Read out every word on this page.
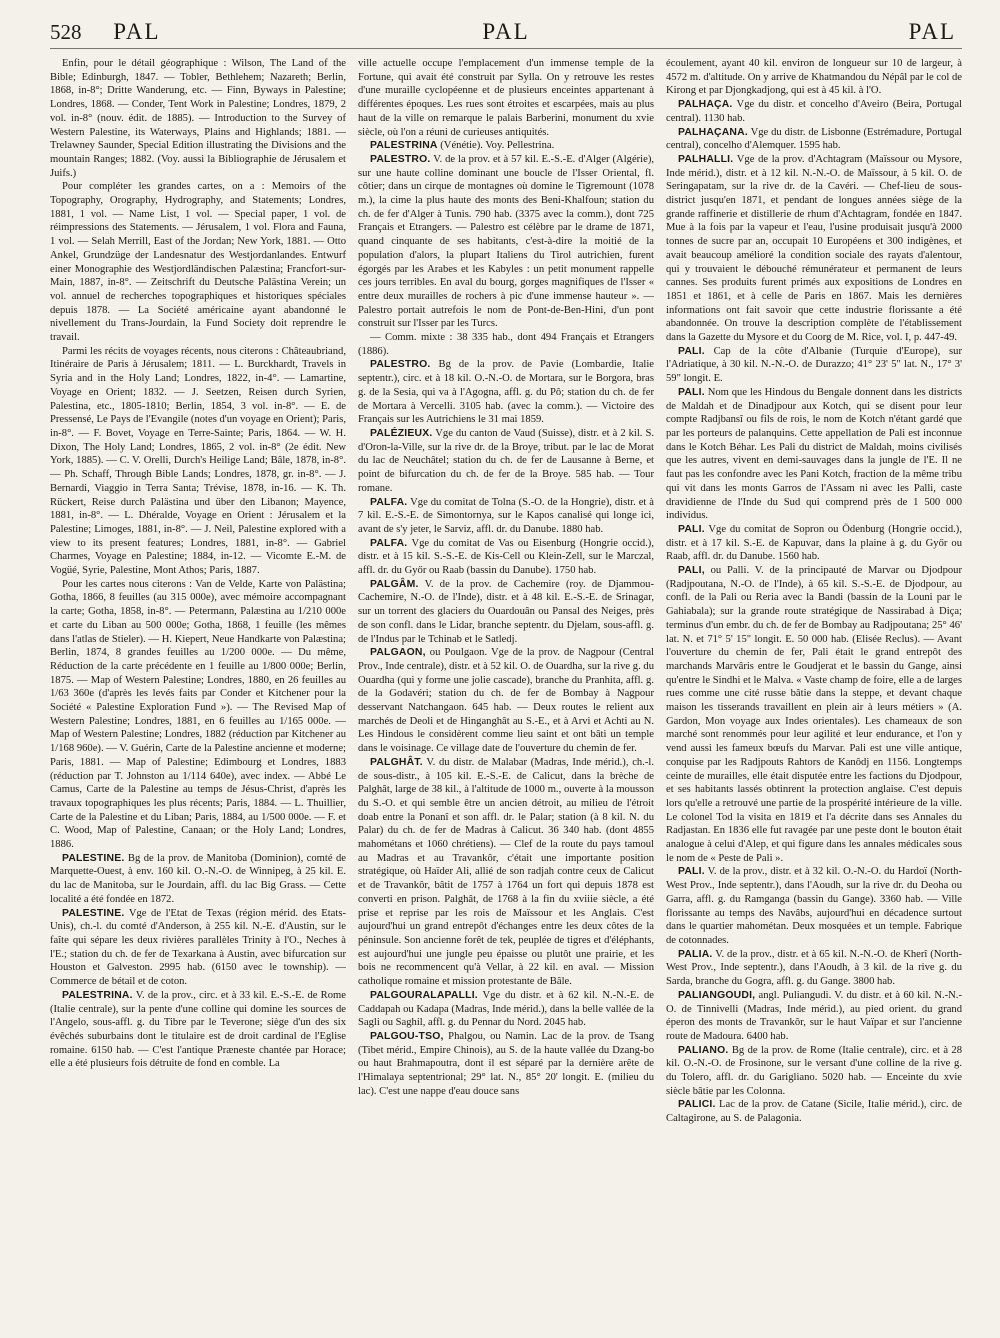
528 PAL	PAL	PAL

Enfin, pour le détail géographique : Wilson, The Land of the Bible; Edinburgh, 1847. — Tobler, Bethlehem; Nazareth; Berlin, 1868, in-8°; Dritte Wanderung, etc. — Finn, Byways in Palestine; Londres, 1868. — Conder, Tent Work in Palestine; Londres, 1879, 2 vol. in-8° (nouv. édit. de 1885). — Introduction to the Survey of Western Palestine, its Waterways, Plains and Highlands; 1881. — Trelawney Saunder, Special Edition illustrating the Divisions and the mountain Ranges; 1882. (Voy. aussi la Bibliographie de Jérusalem et Juifs.)

Pour compléter les grandes cartes, on a : Memoirs of the Topography, Orography, Hydrography, and Statements; Londres, 1881, 1 vol. — Name List, 1 vol. — Special paper, 1 vol. de réimpressions des Statements. — Jérusalem, 1 vol. Flora and Fauna, 1 vol. — Selah Merrill, East of the Jordan; New York, 1881. — Otto Ankel, Grundzüge der Landesnatur des Westjordanlandes. Entwurf einer Monographie des Westjordländischen Palæstina; Francfort-sur-Main, 1887, in-8°. — Zeitschrift du Deutsche Palästina Verein; un vol. annuel de recherches topographiques et historiques spéciales depuis 1878. — La Société américaine ayant abandonné le nivellement du Trans-Jourdain, la Fund Society doit reprendre le travail.

Parmi les récits de voyages récents, nous citerons : Châteaubriand, Itinéraire de Paris à Jérusalem; 1811. — L. Burckhardt, Travels in Syria and in the Holy Land; Londres, 1822, in-4°. — Lamartine, Voyage en Orient; 1832. — J. Seetzen, Reisen durch Syrien, Palestina, etc., 1805-1810; Berlin, 1854, 3 vol. in-8°. — E. de Pressensé, Le Pays de l'Evangile (notes d'un voyage en Orient); Paris, in-8°. — F. Bovet, Voyage en Terre-Sainte; Paris, 1864. — W. H. Dixon, The Holy Land; Londres, 1865, 2 vol. in-8° (2e édit. New York, 1885). — C. V. Orelli, Durch's Heilige Land; Bâle, 1878, in-8°. — Ph. Schaff, Through Bible Lands; Londres, 1878, gr. in-8°. — J. Bernardi, Viaggio in Terra Santa; Trévise, 1878, in-16. — K. Th. Rückert, Reise durch Palästina und über den Libanon; Mayence, 1881, in-8°. — L. Dhéralde, Voyage en Orient : Jérusalem et la Palestine; Limoges, 1881, in-8°. — J. Neil, Palestine explored with a view to its present features; Londres, 1881, in-8°. — Gabriel Charmes, Voyage en Palestine; 1884, in-12. — Vicomte E.-M. de Vogüé, Syrie, Palestine, Mont Athos; Paris, 1887.

Pour les cartes nous citerons : Van de Velde, Karte von Palästina; Gotha, 1866, 8 feuilles (au 315 000e), avec mémoire accompagnant la carte; Gotha, 1858, in-8°. — Petermann, Palæstina au 1/210 000e et carte du Liban au 500 000e; Gotha, 1868, 1 feuille (les mêmes dans l'atlas de Stieler). — H. Kiepert, Neue Handkarte von Palæstina; Berlin, 1874, 8 grandes feuilles au 1/200 000e. — Du même, Réduction de la carte précédente en 1 feuille au 1/800 000e; Berlin, 1875. — Map of Western Palestine; Londres, 1880, en 26 feuilles au 1/63 360e (d'après les levés faits par Conder et Kitchener pour la Société « Palestine Exploration Fund »). — The Revised Map of Western Palestine; Londres, 1881, en 6 feuilles au 1/165 000e. — Map of Western Palestine; Londres, 1882 (réduction par Kitchener au 1/168 960e). — V. Guérin, Carte de la Palestine ancienne et moderne; Paris, 1881. — Map of Palestine; Edimbourg et Londres, 1883 (réduction par T. Johnston au 1/114 640e), avec index. — Abbé Le Camus, Carte de la Palestine au temps de Jésus-Christ, d'après les travaux topographiques les plus récents; Paris, 1884. — L. Thuillier, Carte de la Palestine et du Liban; Paris, 1884, au 1/500 000e. — F. et C. Wood, Map of Palestine, Canaan; or the Holy Land; Londres, 1886.

PALESTINE. Bg de la prov. de Manitoba (Dominion), comté de Marquette-Ouest, à env. 160 kil. O.-N.-O. de Winnipeg, à 25 kil. E. du lac de Manitoba, sur le Jourdain, affl. du lac Big Grass. — Cette localité a été fondée en 1872.

PALESTINE. Vge de l'Etat de Texas (région mérid. des Etats-Unis), ch.-l. du comté d'Anderson, à 255 kil. N.-E. d'Austin, sur le faîte qui sépare les deux rivières parallèles Trinity à l'O., Neches à l'E.; station du ch. de fer de Texarkana à Austin, avec bifurcation sur Houston et Galveston. 2995 hab. (6150 avec le township). — Commerce de bétail et de coton.

PALESTRINA. V. de la prov., circ. et à 33 kil. E.-S.-E. de Rome (Italie centrale), sur la pente d'une colline qui domine les sources de l'Angelo, sous-affl. g. du Tibre par le Teverone; siège d'un des six évêchés suburbains dont le titulaire est de droit cardinal de l'Eglise romaine. 6150 hab. — C'est l'antique Præneste chantée par Horace; elle a été plusieurs fois détruite de fond en comble. La

ville actuelle occupe l'emplacement d'un immense temple de la Fortune, qui avait été construit par Sylla. On y retrouve les restes d'une muraille cyclopéenne et de plusieurs enceintes appartenant à différentes époques. Les rues sont étroites et escarpées, mais au plus haut de la ville on remarque le palais Barberini, monument du xvie siècle, où l'on a réuni de curieuses antiquités.

PALESTRINA (Vénétie). Voy. Pellestrina.

PALESTRO. V. de la prov. et à 57 kil. E.-S.-E. d'Alger (Algérie), sur une haute colline dominant une boucle de l'Isser Oriental, fl. côtier; dans un cirque de montagnes où domine le Tigremount (1078 m.), la cime la plus haute des monts des Beni-Khalfoun; station du ch. de fer d'Alger à Tunis. 790 hab. (3375 avec la comm.), dont 725 Français et Etrangers. — Palestro est célèbre par le drame de 1871, quand cinquante de ses habitants, c'est-à-dire la moitié de la population d'alors, la plupart Italiens du Tirol autrichien, furent égorgés par les Arabes et les Kabyles : un petit monument rappelle ces jours terribles. En aval du bourg, gorges magnifiques de l'Isser « entre deux murailles de rochers à pic d'une immense hauteur ». — Palestro portait autrefois le nom de Pont-de-Ben-Hini, d'un pont construit sur l'Isser par les Turcs.

— Comm. mixte : 38 335 hab., dont 494 Français et Etrangers (1886).

PALESTRO. Bg de la prov. de Pavie (Lombardie, Italie septentr.), circ. et à 18 kil. O.-N.-O. de Mortara, sur le Borgora, bras g. de la Sesia, qui va à l'Agogna, affl. g. du Pô; station du ch. de fer de Mortara à Vercelli. 3105 hab. (avec la comm.). — Victoire des Français sur les Autrichiens le 31 mai 1859.

PALÉZIEUX. Vge du canton de Vaud (Suisse), distr. et à 2 kil. S. d'Oron-la-Ville, sur la rive dr. de la Broye, tribut. par le lac de Morat du lac de Neuchâtel; station du ch. de fer de Lausanne à Berne, et point de bifurcation du ch. de fer de la Broye. 585 hab. — Tour romane.

PALFA. Vge du comitat de Tolna (S.-O. de la Hongrie), distr. et à 7 kil. E.-S.-E. de Simontornya, sur le Kapos canalisé qui longe ici, avant de s'y jeter, le Sarviz, affl. dr. du Danube. 1880 hab.

PALFA. Vge du comitat de Vas ou Eisenburg (Hongrie occid.), distr. et à 15 kil. S.-S.-E. de Kis-Cell ou Klein-Zell, sur le Marczal, affl. dr. du Győr ou Raab (bassin du Danube). 1750 hab.

PALGÂM. V. de la prov. de Cachemire (roy. de Djammou-Cachemire, N.-O. de l'Inde), distr. et à 48 kil. E.-S.-E. de Srinagar, sur un torrent des glaciers du Ouardouân ou Pansal des Neiges, près de son confl. dans le Lidar, branche septentr. du Djelam, sous-affl. g. de l'Indus par le Tchinab et le Satledj.

PALGAON, ou Poulgaon. Vge de la prov. de Nagpour (Central Prov., Inde centrale), distr. et à 52 kil. O. de Ouardha, sur la rive g. du Ouardha (qui y forme une jolie cascade), branche du Pranhita, affl. g. de la Godavéri; station du ch. de fer de Bombay à Nagpour desservant Natchangaon. 645 hab. — Deux routes le relient aux marchés de Deoli et de Hinganghât au S.-E., et à Arvi et Achti au N. Les Hindous le considèrent comme lieu saint et ont bâti un temple dans le voisinage. Ce village date de l'ouverture du chemin de fer.

PALGHÂT. V. du distr. de Malabar (Madras, Inde mérid.), ch.-l. de sous-distr., à 105 kil. E.-S.-E. de Calicut, dans la brèche de Palghât, large de 38 kil., à l'altitude de 1000 m., ouverte à la mousson du S.-O. et qui semble être un ancien détroit, au milieu de l'étroit doab entre la Ponanî et son affl. dr. le Palar; station (à 8 kil. N. du Palar) du ch. de fer de Madras à Calicut. 36 340 hab. (dont 4855 mahométans et 1060 chrétiens). — Clef de la route du pays tamoul au Madras et au Travankôr, c'était une importante position stratégique, où Haïder Ali, allié de son radjah contre ceux de Calicut et de Travankôr, bâtit de 1757 à 1764 un fort qui depuis 1878 est converti en prison. Palghât, de 1768 à la fin du xviiie siècle, a été prise et reprise par les rois de Maïssour et les Anglais. C'est aujourd'hui un grand entrepôt d'échanges entre les deux côtes de la péninsule. Son ancienne forêt de tek, peuplée de tigres et d'éléphants, est aujourd'hui une jungle peu épaisse ou plutôt une prairie, et les bois ne recommencent qu'à Vellar, à 22 kil. en aval. — Mission catholique romaine et mission protestante de Bâle.

PALGOURALAPALLI. Vge du distr. et à 62 kil. N.-N.-E. de Caddapah ou Kadapa (Madras, Inde mérid.), dans la belle vallée de la Sagli ou Saghil, affl. g. du Pennar du Nord. 2045 hab.

PALGOU-TSO, Phalgou, ou Namin. Lac de la prov. de Tsang (Tibet mérid., Empire Chinois), au S. de la haute vallée du Dzang-bo ou haut Brahmapoutra, dont il est séparé par la dernière arête de l'Himalaya septentrional; 29° lat. N., 85° 20' longit. E. (milieu du lac). C'est une nappe d'eau douce sans

écoulement, ayant 40 kil. environ de longueur sur 10 de largeur, à 4572 m. d'altitude. On y arrive de Khatmandou du Népâl par le col de Kirong et par Djongkadjong, qui est à 45 kil. à l'O.

PALHAÇA. Vge du distr. et concelho d'Aveiro (Beira, Portugal central). 1130 hab.

PALHAÇANA. Vge du distr. de Lisbonne (Estrémadure, Portugal central), concelho d'Alemquer. 1595 hab.

PALHALLI. Vge de la prov. d'Achtagram (Maïssour ou Mysore, Inde mérid.), distr. et à 12 kil. N.-N.-O. de Maïssour, à 5 kil. O. de Seringapatam, sur la rive dr. de la Cavéri. — Chef-lieu de sous-district jusqu'en 1871, et pendant de longues années siège de la grande raffinerie et distillerie de rhum d'Achtagram, fondée en 1847. Mue à la fois par la vapeur et l'eau, l'usine produisait jusqu'à 2000 tonnes de sucre par an, occupait 10 Européens et 300 indigènes, et avait beaucoup amélioré la condition sociale des rayats d'alentour, qui y trouvaient le débouché rémunérateur et permanent de leurs cannes. Ses produits furent primés aux expositions de Londres en 1851 et 1861, et à celle de Paris en 1867. Mais les dernières informations ont fait savoir que cette industrie florissante a été abandonnée. On trouve la description complète de l'établissement dans la Gazette du Mysore et du Coorg de M. Rice, vol. I, p. 447-49.

PALI. Cap de la côte d'Albanie (Turquie d'Europe), sur l'Adriatique, à 30 kil. N.-N.-O. de Durazzo; 41° 23' 5" lat. N., 17° 3' 59" longit. E.

PALI. Nom que les Hindous du Bengale donnent dans les districts de Maldah et de Dinadjpour aux Kotch, qui se disent pour leur compte Radjbansî ou fils de rois, le nom de Kotch n'étant gardé que par les porteurs de palanquins. Cette appellation de Pali est inconnue dans le Kotch Béhar. Les Pali du district de Maldah, moins civilisés que les autres, vivent en demi-sauvages dans la jungle de l'E. Il ne faut pas les confondre avec les Pani Kotch, fraction de la même tribu qui vit dans les monts Garros de l'Assam ni avec les Palli, caste dravidienne de l'Inde du Sud qui comprend près de 1 500 000 individus.

PALI. Vge du comitat de Sopron ou Ödenburg (Hongrie occid.), distr. et à 17 kil. S.-E. de Kapuvar, dans la plaine à g. du Győr ou Raab, affl. dr. du Danube. 1560 hab.

PALI, ou Palli. V. de la principauté de Marvar ou Djodpour (Radjpoutana, N.-O. de l'Inde), à 65 kil. S.-S.-E. de Djodpour, au confl. de la Pali ou Reria avec la Bandi (bassin de la Louni par le Gahiabala); sur la grande route stratégique de Nassirabad à Diça; terminus d'un embr. du ch. de fer de Bombay au Radjpoutana; 25° 46' lat. N. et 71° 5' 15" longit. E. 50 000 hab. (Elisée Reclus). — Avant l'ouverture du chemin de fer, Pali était le grand entrepôt des marchands Marvâris entre le Goudjerat et le bassin du Gange, ainsi qu'entre le Sindhi et le Malva. « Vaste champ de foire, elle a de larges rues comme une cité russe bâtie dans la steppe, et devant chaque maison les tisserands travaillent en plein air à leurs métiers » (A. Gardon, Mon voyage aux Indes orientales). Les chameaux de son marché sont renommés pour leur agilité et leur endurance, et l'on y vend aussi les fameux bœufs du Marvar. Pali est une ville antique, conquise par les Radjpouts Rahtors de Kanôdj en 1156. Longtemps ceinte de murailles, elle était disputée entre les factions du Djodpour, et ses habitants lassés obtinrent la protection anglaise. C'est depuis lors qu'elle a retrouvé une partie de la prospérité intérieure de la ville. Le colonel Tod la visita en 1819 et l'a décrite dans ses Annales du Radjastan. En 1836 elle fut ravagée par une peste dont le bouton était analogue à celui d'Alep, et qui figure dans les annales médicales sous le nom de « Peste de Pali ».

PALI. V. de la prov., distr. et à 32 kil. O.-N.-O. du Hardoï (North-West Prov., Inde septentr.), dans l'Aoudh, sur la rive dr. du Deoha ou Garra, affl. g. du Ramganga (bassin du Gange). 3360 hab. — Ville florissante au temps des Navâbs, aujourd'hui en décadence surtout dans le quartier mahométan. Deux mosquées et un temple. Fabrique de cotonnades.

PALIA. V. de la prov., distr. et à 65 kil. N.-N.-O. de Kherî (North-West Prov., Inde septentr.), dans l'Aoudh, à 3 kil. de la rive g. du Sarda, branche du Gogra, affl. g. du Gange. 3800 hab.

PALIANGOUDI, angl. Puliangudi. V. du distr. et à 60 kil. N.-N.-O. de Tinnivelli (Madras, Inde mérid.), au pied orient. du grand éperon des monts de Travankôr, sur le haut Vaïpar et sur l'ancienne route de Madoura. 6400 hab.

PALIANO. Bg de la prov. de Rome (Italie centrale), circ. et à 28 kil. O.-N.-O. de Frosinone, sur le versant d'une colline de la rive g. du Tolero, affl. dr. du Garigliano. 5020 hab. — Enceinte du xvie siècle bâtie par les Colonna.

PALICI. Lac de la prov. de Catane (Sicile, Italie mérid.), circ. de Caltagirone, au S. de Palagonia.
